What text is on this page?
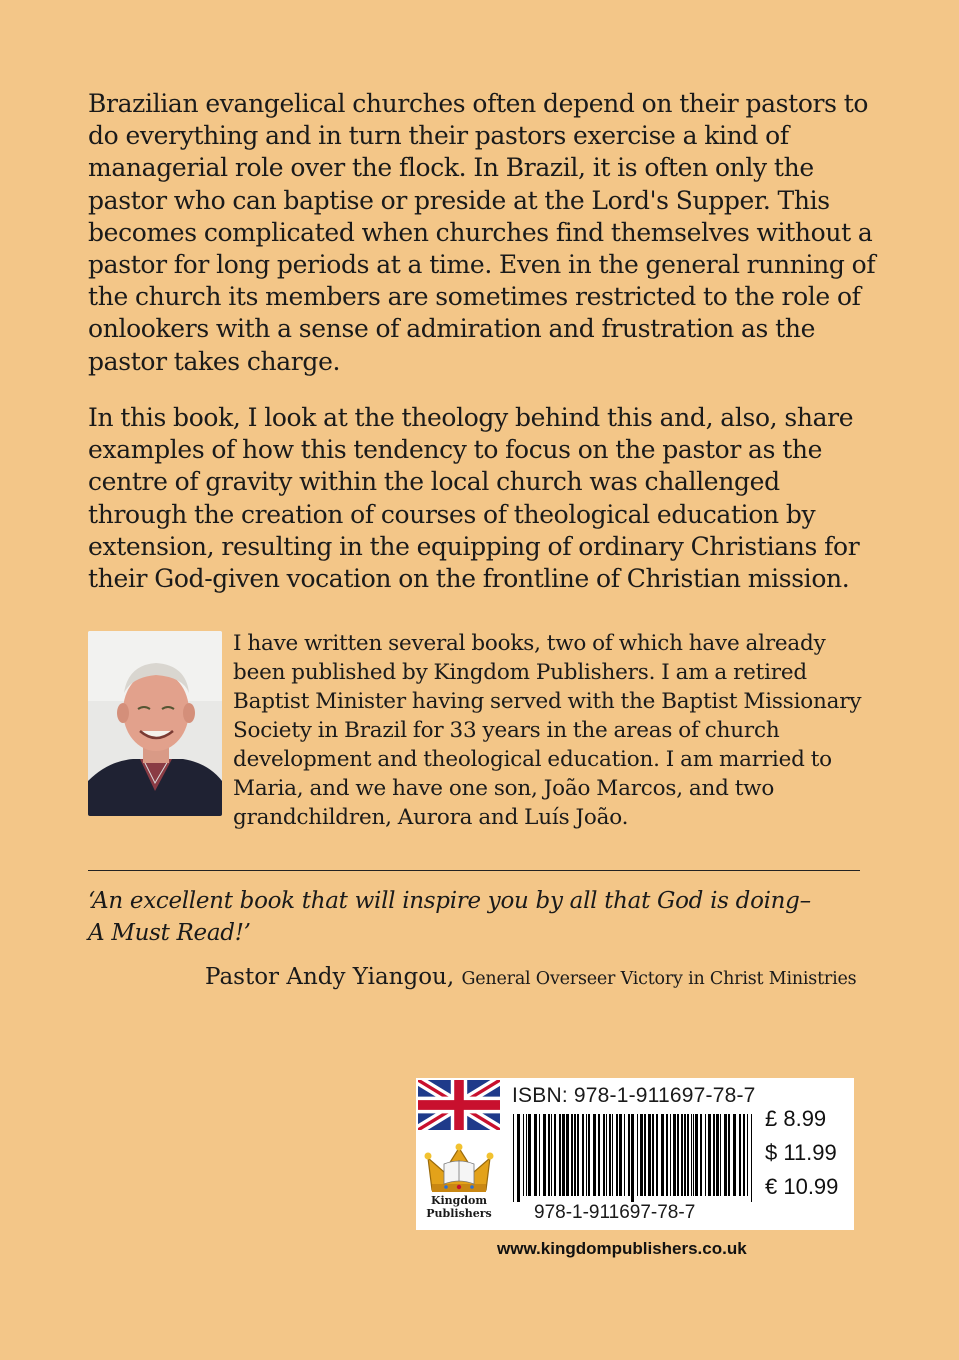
Brazilian evangelical churches often depend on their pastors to do everything and in turn their pastors exercise a kind of managerial role over the flock. In Brazil, it is often only the pastor who can baptise or preside at the Lord's Supper. This becomes complicated when churches find themselves without a pastor for long periods at a time. Even in the general running of the church its members are sometimes restricted to the role of onlookers with a sense of admiration and frustration as the pastor takes charge.

In this book, I look at the theology behind this and, also, share examples of how this tendency to focus on the pastor as the centre of gravity within the local church was challenged through the creation of courses of theological education by extension, resulting in the equipping of ordinary Christians for their God-given vocation on the frontline of Christian mission.

I have written several books, two of which have already been published by Kingdom Publishers. I am a retired Baptist Minister having served with the Baptist Missionary Society in Brazil for 33 years in the areas of church development and theological education. I am married to Maria, and we have one son, João Marcos, and two grandchildren, Aurora and Luís João.

‘An excellent book that will inspire you by all that God is doing–
A Must Read!’

Pastor Andy Yiangou, General Overseer Victory in Christ Ministries
Kingdom
Publishers
ISBN: 978-1-911697-78-7
978-1-911697-78-7
£ 8.99
$ 11.99
€ 10.99
www.kingdompublishers.co.uk
